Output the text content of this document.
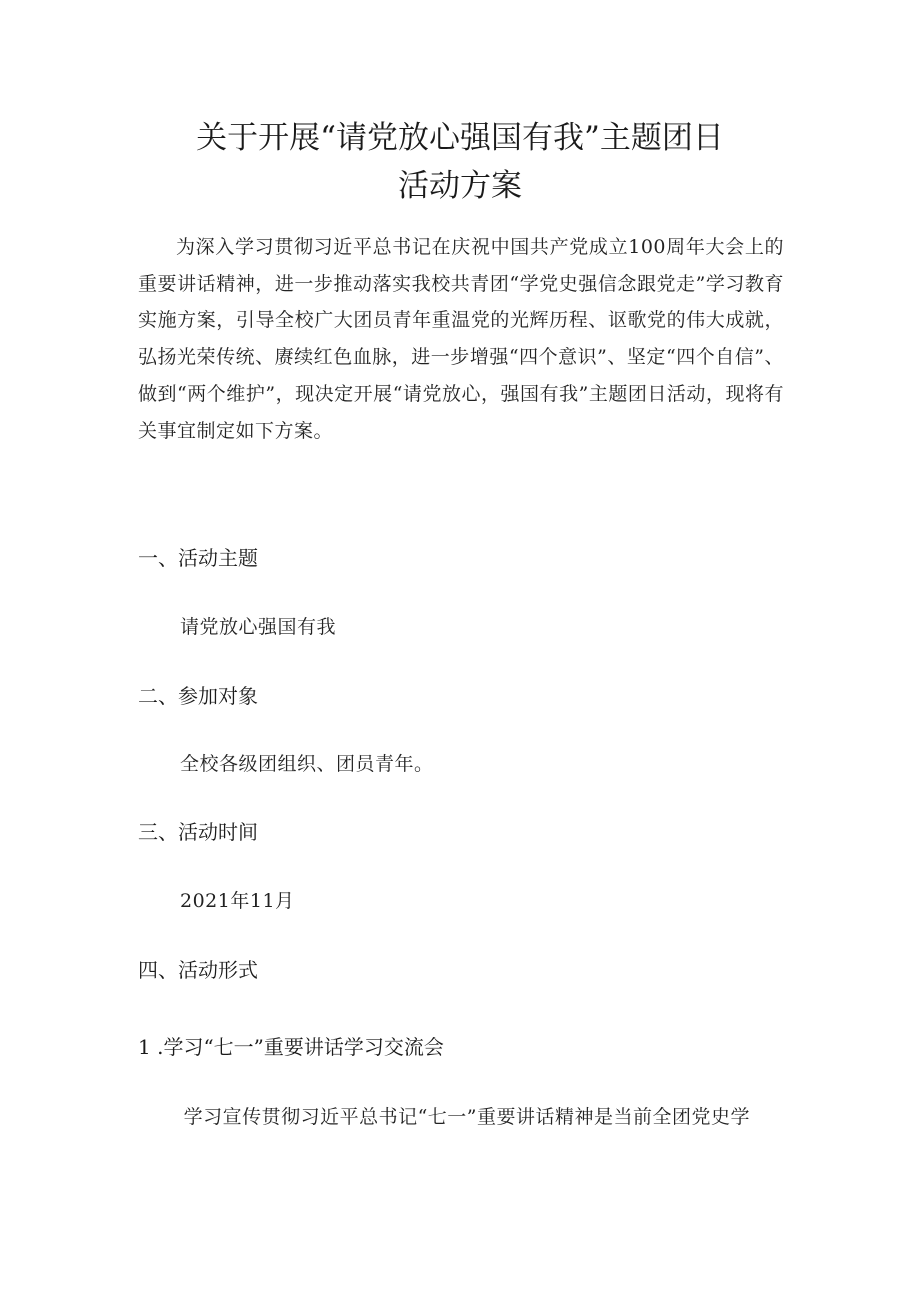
关于开展“请党放心强国有我”主题团日
活动方案
为深入学习贯彻习近平总书记在庆祝中国共产党成立100周年大会上的重要讲话精神，进一步推动落实我校共青团“学党史强信念跟党走”学习教育实施方案，引导全校广大团员青年重温党的光辉历程、讴歌党的伟大成就，弘扬光荣传统、赓续红色血脉，进一步增强“四个意识”、坚定“四个自信”、做到“两个维护”，现决定开展“请党放心，强国有我”主题团日活动，现将有关事宜制定如下方案。
一、活动主题
请党放心强国有我
二、参加对象
全校各级团组织、团员青年。
三、活动时间
2021年11月
四、活动形式
1 .学习“七一”重要讲话学习交流会
学习宣传贯彻习近平总书记“七一”重要讲话精神是当前全团党史学
